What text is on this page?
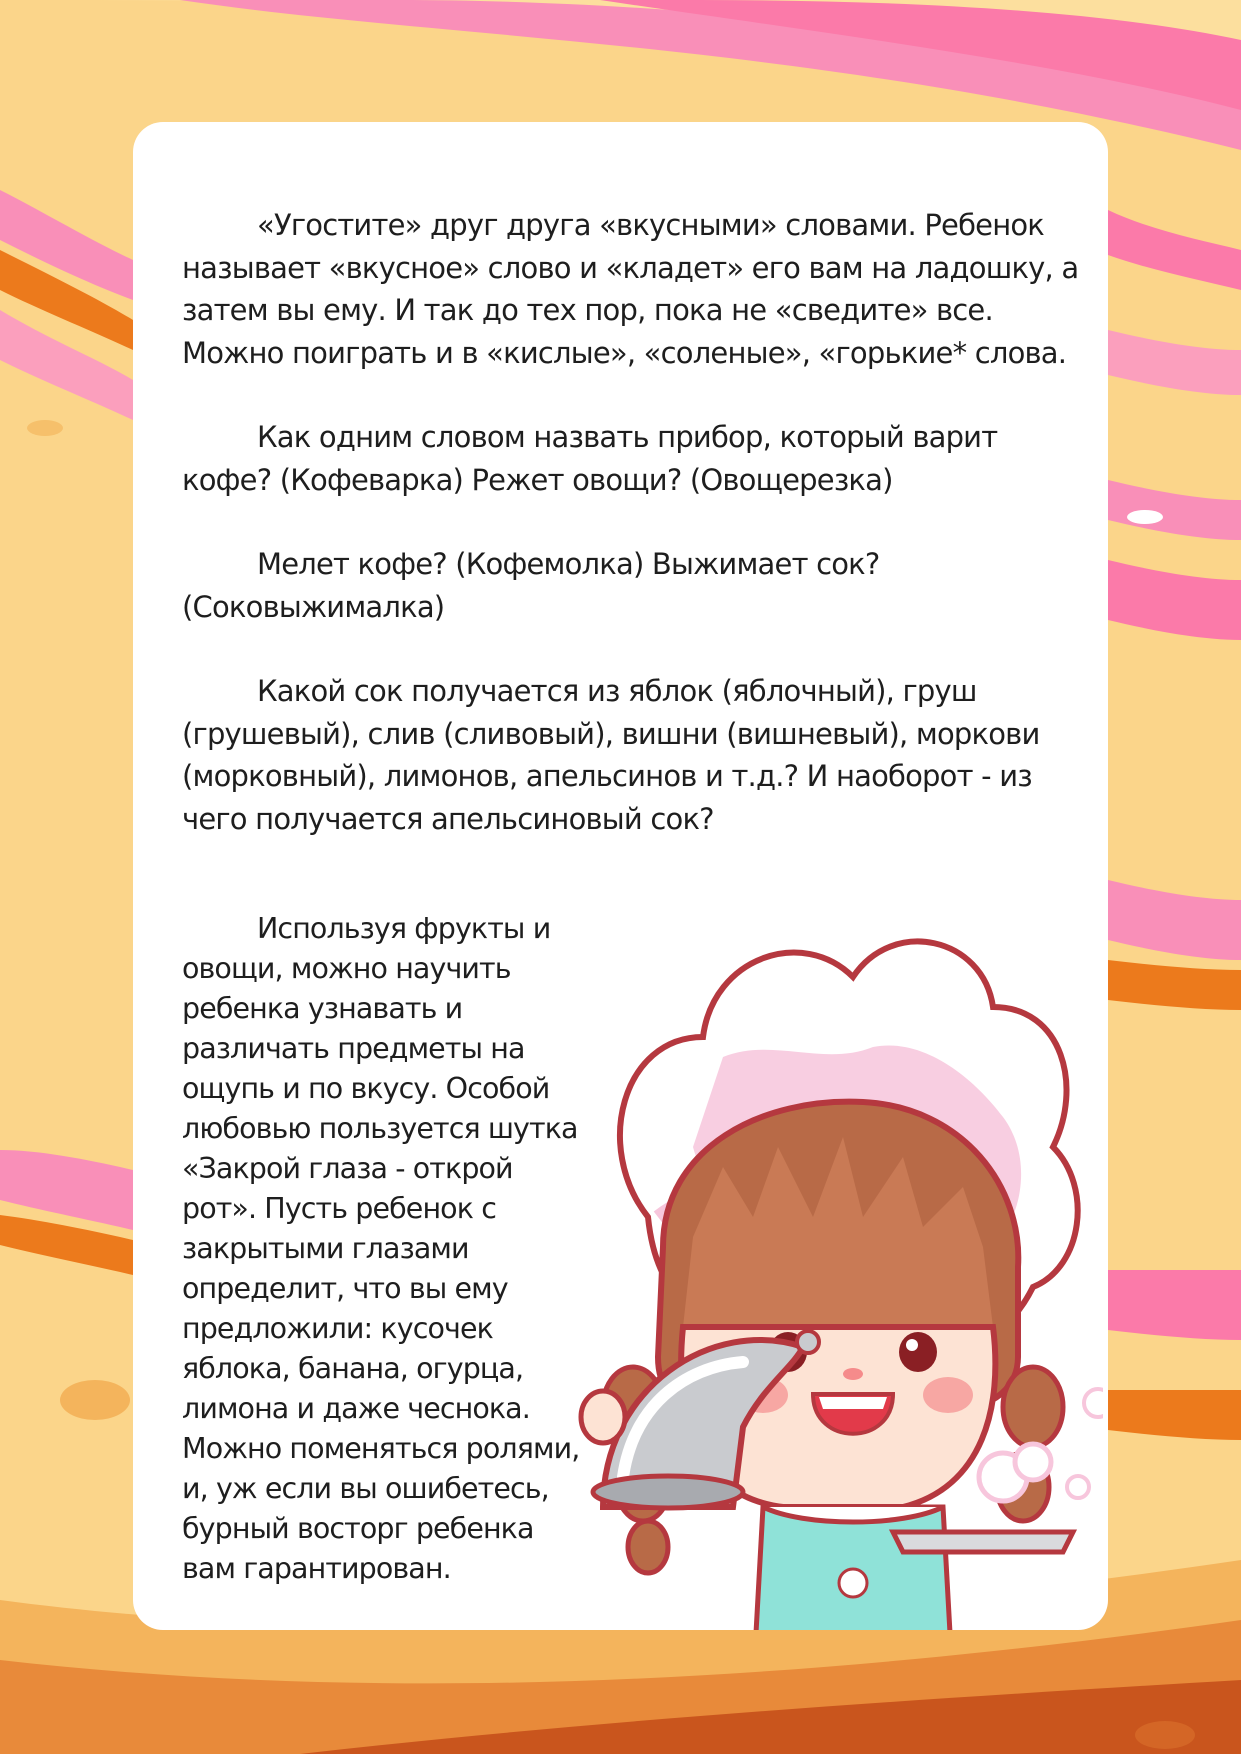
«Угостите» друг друга «вкусными» словами. Ребенок называет «вкусное» слово и «кладет» его вам на ладошку, а затем вы ему. И так до тех пор, пока не «сведите» все. Можно поиграть и в «кислые», «соленые», «горькие* слова.

Как одним словом назвать прибор, который варит кофе? (Кофеварка) Режет овощи? (Овощерезка)

Мелет кофе? (Кофемолка) Выжимает сок? (Соковыжималка)

Какой сок получается из яблок (яблочный), груш (грушевый), слив (сливовый), вишни (вишневый), моркови (морковный), лимонов, апельсинов и т.д.? И наоборот - из чего получается апельсиновый сок?

Используя фрукты и овощи, можно научить ребенка узнавать и различать предметы на ощупь и по вкусу. Особой любовью пользуется шутка «Закрой глаза - открой рот». Пусть ребенок с закрытыми глазами определит, что вы ему предложили: кусочек яблока, банана, огурца, лимона и даже чеснока. Можно поменяться ролями, и, уж если вы ошибетесь, бурный восторг ребенка вам гарантирован.
